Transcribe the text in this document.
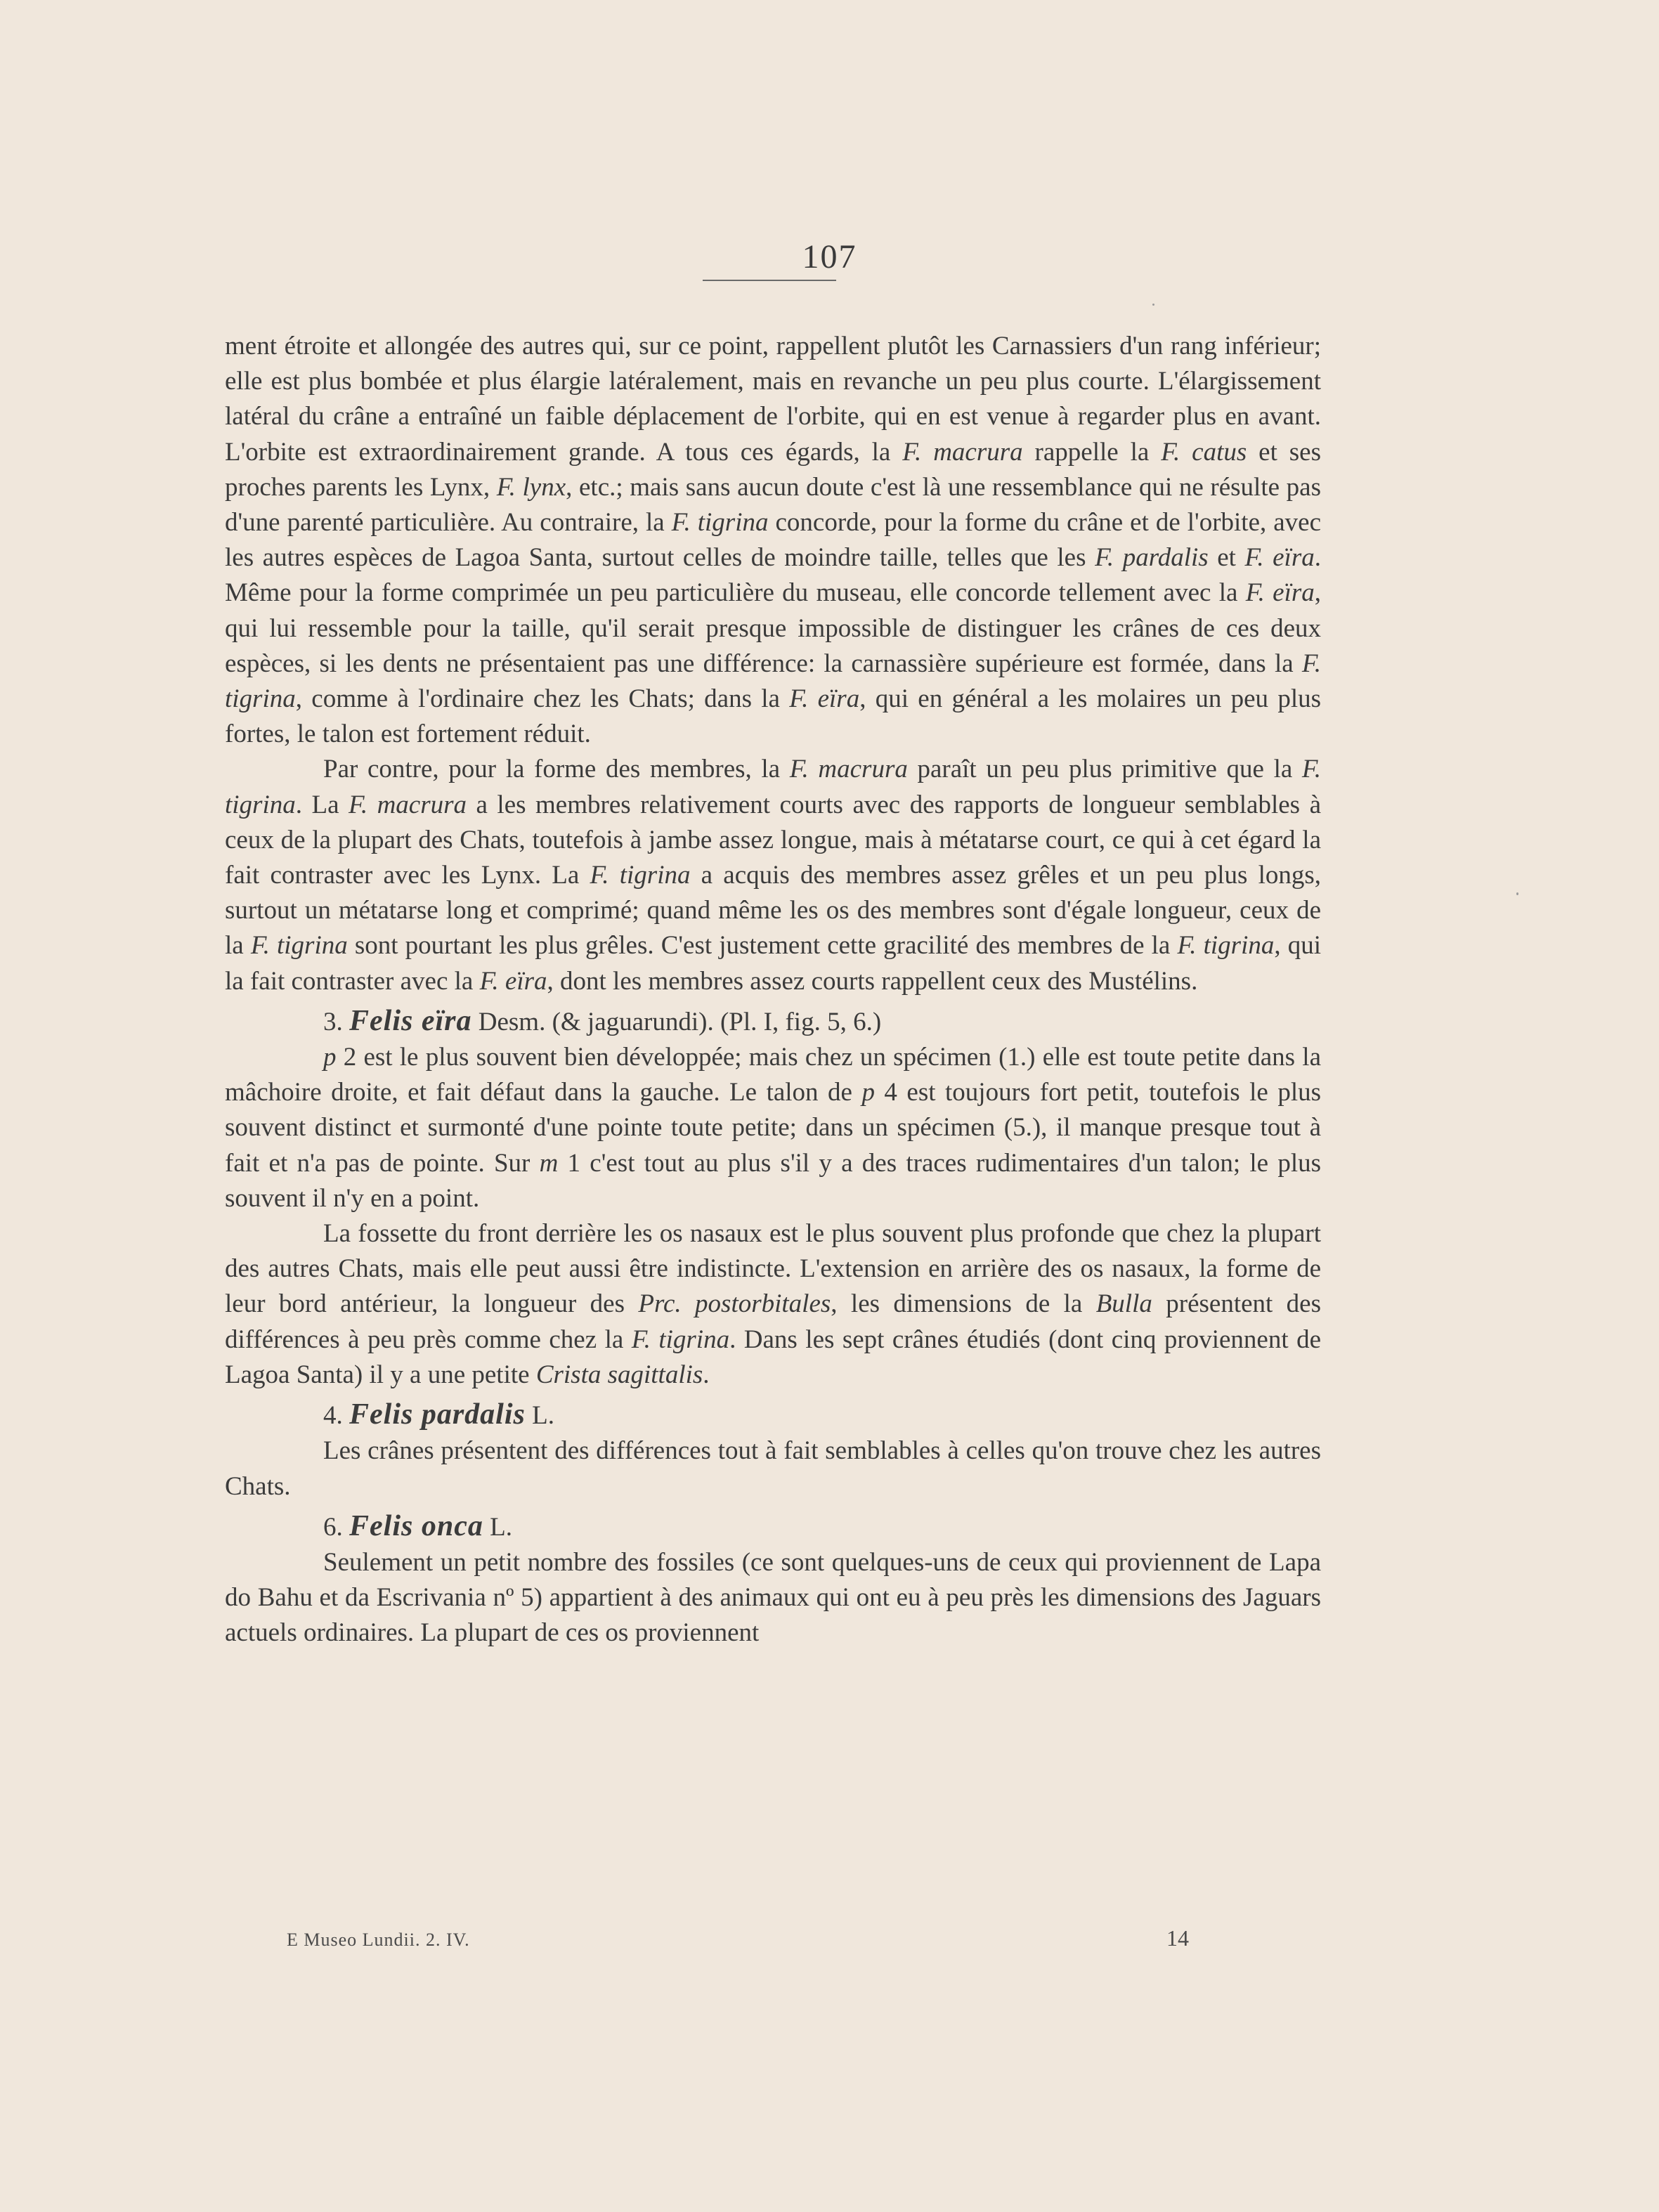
107

ment étroite et allongée des autres qui, sur ce point, rappellent plutôt les Carnassiers d'un rang inférieur; elle est plus bombée et plus élargie latéralement, mais en revanche un peu plus courte. L'élargissement latéral du crâne a entraîné un faible déplacement de l'orbite, qui en est venue à regarder plus en avant. L'orbite est extraordinairement grande. A tous ces égards, la F. macrura rappelle la F. catus et ses proches parents les Lynx, F. lynx, etc.; mais sans aucun doute c'est là une ressemblance qui ne résulte pas d'une parenté particulière. Au contraire, la F. tigrina concorde, pour la forme du crâne et de l'orbite, avec les autres espèces de Lagoa Santa, surtout celles de moindre taille, telles que les F. pardalis et F. eïra. Même pour la forme comprimée un peu particulière du museau, elle concorde tellement avec la F. eïra, qui lui ressemble pour la taille, qu'il serait presque impossible de distinguer les crânes de ces deux espèces, si les dents ne présentaient pas une différence: la carnassière supérieure est formée, dans la F. tigrina, comme à l'ordinaire chez les Chats; dans la F. eïra, qui en général a les molaires un peu plus fortes, le talon est fortement réduit.

Par contre, pour la forme des membres, la F. macrura paraît un peu plus primitive que la F. tigrina. La F. macrura a les membres relativement courts avec des rapports de longueur semblables à ceux de la plupart des Chats, toutefois à jambe assez longue, mais à métatarse court, ce qui à cet égard la fait contraster avec les Lynx. La F. tigrina a acquis des membres assez grêles et un peu plus longs, surtout un métatarse long et comprimé; quand même les os des membres sont d'égale longueur, ceux de la F. tigrina sont pourtant les plus grêles. C'est justement cette gracilité des membres de la F. tigrina, qui la fait contraster avec la F. eïra, dont les membres assez courts rappellent ceux des Mustélins.

3. Felis eïra Desm. (& jaguarundi). (Pl. I, fig. 5, 6.)

p 2 est le plus souvent bien développée; mais chez un spécimen (1.) elle est toute petite dans la mâchoire droite, et fait défaut dans la gauche. Le talon de p 4 est toujours fort petit, toutefois le plus souvent distinct et surmonté d'une pointe toute petite; dans un spécimen (5.), il manque presque tout à fait et n'a pas de pointe. Sur m 1 c'est tout au plus s'il y a des traces rudimentaires d'un talon; le plus souvent il n'y en a point.

La fossette du front derrière les os nasaux est le plus souvent plus profonde que chez la plupart des autres Chats, mais elle peut aussi être indistincte. L'extension en arrière des os nasaux, la forme de leur bord antérieur, la longueur des Prc. postorbitales, les dimensions de la Bulla présentent des différences à peu près comme chez la F. tigrina. Dans les sept crânes étudiés (dont cinq proviennent de Lagoa Santa) il y a une petite Crista sagittalis.

4. Felis pardalis L.

Les crânes présentent des différences tout à fait semblables à celles qu'on trouve chez les autres Chats.

6. Felis onca L.

Seulement un petit nombre des fossiles (ce sont quelques-uns de ceux qui proviennent de Lapa do Bahu et da Escrivania nº 5) appartient à des animaux qui ont eu à peu près les dimensions des Jaguars actuels ordinaires. La plupart de ces os proviennent

E Museo Lundii. 2. IV.	14
